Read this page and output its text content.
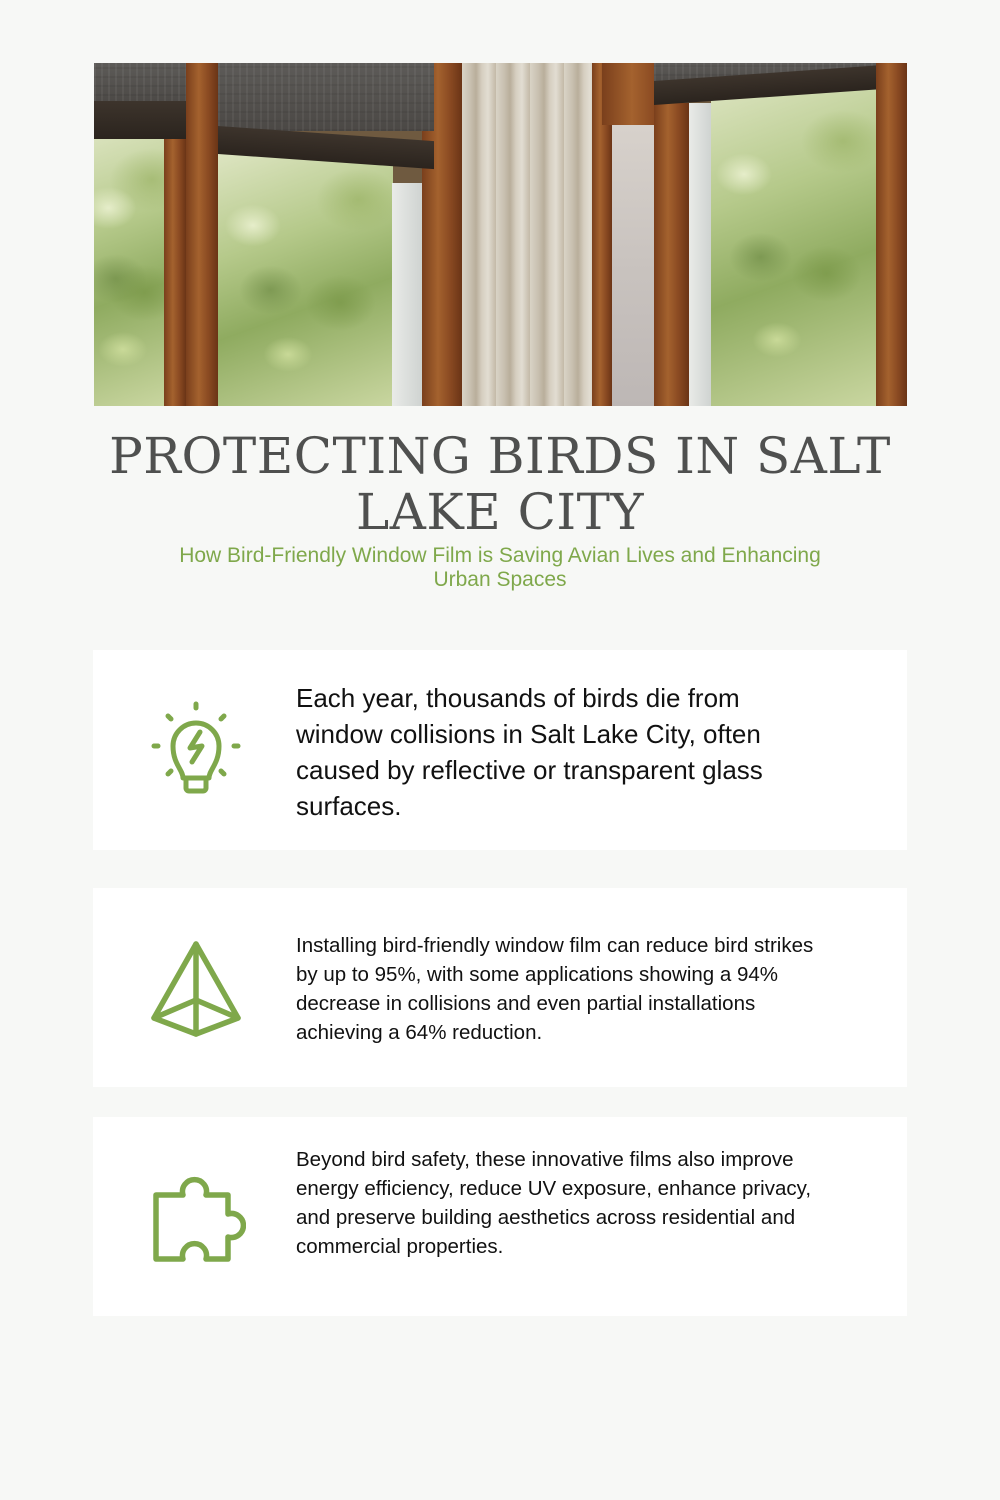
PROTECTING BIRDS IN SALT LAKE CITY

How Bird-Friendly Window Film is Saving Avian Lives and Enhancing Urban Spaces

Each year, thousands of birds die from window collisions in Salt Lake City, often caused by reflective or transparent glass surfaces.

Installing bird-friendly window film can reduce bird strikes by up to 95%, with some applications showing a 94% decrease in collisions and even partial installations achieving a 64% reduction.

Beyond bird safety, these innovative films also improve energy efficiency, reduce UV exposure, enhance privacy, and preserve building aesthetics across residential and commercial properties.
